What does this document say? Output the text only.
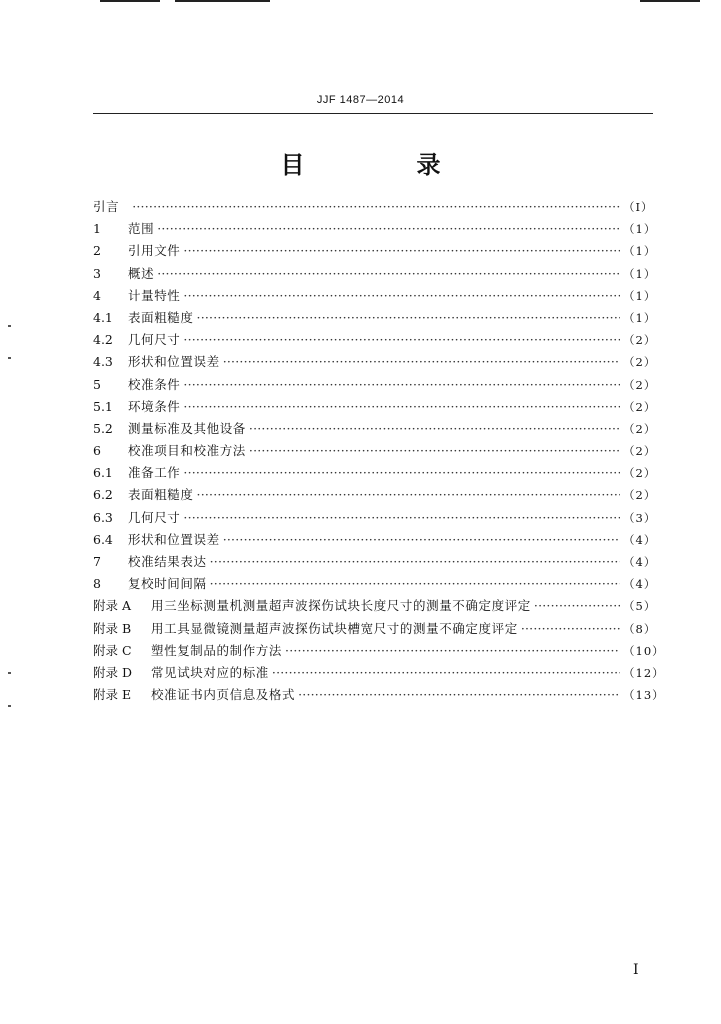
JJF 1487—2014
目　录
引言 ·····	（Ⅰ）
1	范围 ·····	（1）
2	引用文件 ·····	（1）
3	概述 ·····	（1）
4	计量特性 ·····	（1）
4.1	表面粗糙度 ·····	（1）
4.2	几何尺寸 ·····	（2）
4.3	形状和位置误差 ·····	（2）
5	校准条件 ·····	（2）
5.1	环境条件 ·····	（2）
5.2	测量标准及其他设备 ·····	（2）
6	校准项目和校准方法 ·····	（2）
6.1	准备工作 ·····	（2）
6.2	表面粗糙度 ·····	（2）
6.3	几何尺寸 ·····	（3）
6.4	形状和位置误差 ·····	（4）
7	校准结果表达 ·····	（4）
8	复校时间间隔 ·····	（4）
附录 A	用三坐标测量机测量超声波探伤试块长度尺寸的测量不确定度评定 ·····	（5）
附录 B	用工具显微镜测量超声波探伤试块槽宽尺寸的测量不确定度评定 ·····	（8）
附录 C	塑性复制品的制作方法 ·····	（10）
附录 D	常见试块对应的标准 ·····	（12）
附录 E	校准证书内页信息及格式 ·····	（13）
I
